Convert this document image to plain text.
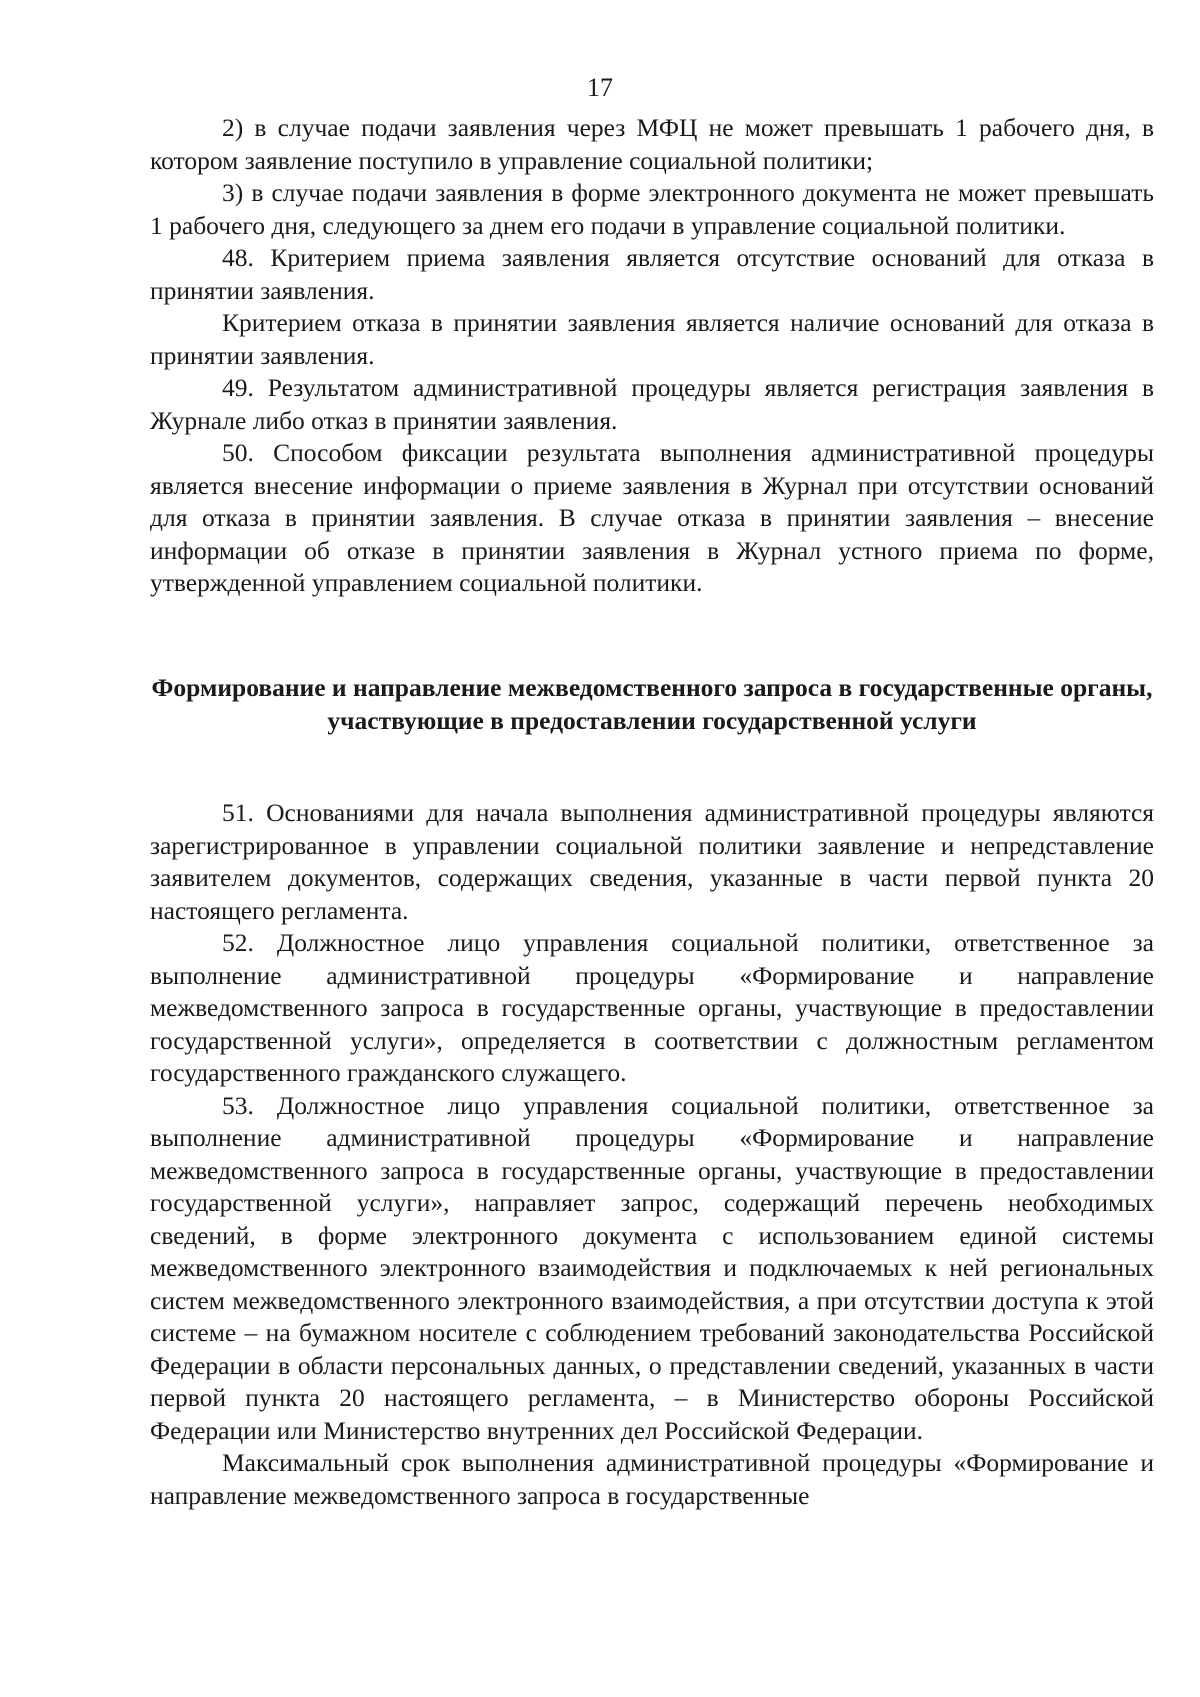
17

2) в случае подачи заявления через МФЦ не может превышать 1 рабочего дня, в котором заявление поступило в управление социальной политики;

3) в случае подачи заявления в форме электронного документа не может превышать 1 рабочего дня, следующего за днем его подачи в управление социальной политики.

48. Критерием приема заявления является отсутствие оснований для отказа в принятии заявления.

Критерием отказа в принятии заявления является наличие оснований для отказа в принятии заявления.

49. Результатом административной процедуры является регистрация заявления в Журнале либо отказ в принятии заявления.

50. Способом фиксации результата выполнения административной процедуры является внесение информации о приеме заявления в Журнал при отсутствии оснований для отказа в принятии заявления. В случае отказа в принятии заявления – внесение информации об отказе в принятии заявления в Журнал устного приема по форме, утвержденной управлением социальной политики.

Формирование и направление межведомственного запроса в государственные органы, участвующие в предоставлении государственной услуги

51. Основаниями для начала выполнения административной процедуры являются зарегистрированное в управлении социальной политики заявление и непредставление заявителем документов, содержащих сведения, указанные в части первой пункта 20 настоящего регламента.

52. Должностное лицо управления социальной политики, ответственное за выполнение административной процедуры «Формирование и направление межведомственного запроса в государственные органы, участвующие в предоставлении государственной услуги», определяется в соответствии с должностным регламентом государственного гражданского служащего.

53. Должностное лицо управления социальной политики, ответственное за выполнение административной процедуры «Формирование и направление межведомственного запроса в государственные органы, участвующие в предоставлении государственной услуги», направляет запрос, содержащий перечень необходимых сведений, в форме электронного документа с использованием единой системы межведомственного электронного взаимодействия и подключаемых к ней региональных систем межведомственного электронного взаимодействия, а при отсутствии доступа к этой системе – на бумажном носителе с соблюдением требований законодательства Российской Федерации в области персональных данных, о представлении сведений, указанных в части первой пункта 20 настоящего регламента, – в Министерство обороны Российской Федерации или Министерство внутренних дел Российской Федерации.

Максимальный срок выполнения административной процедуры «Формирование и направление межведомственного запроса в государственные
